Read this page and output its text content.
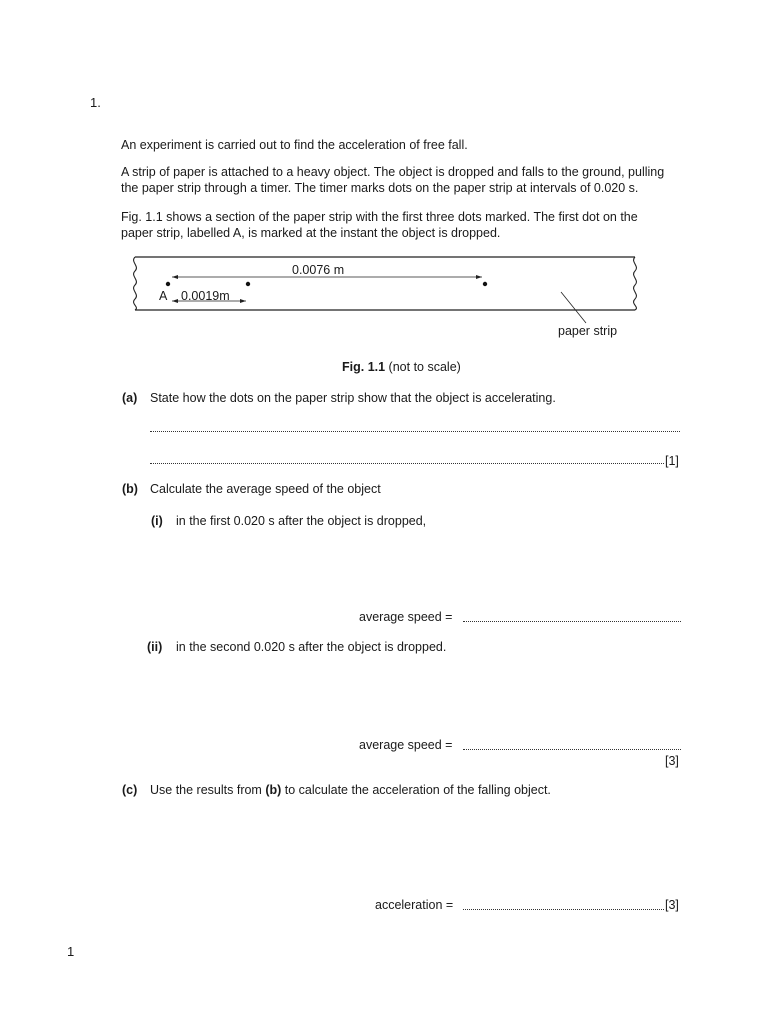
1.
An experiment is carried out to find the acceleration of free fall.
A strip of paper is attached to a heavy object. The object is dropped and falls to the ground, pulling
the paper strip through a timer. The timer marks dots on the paper strip at intervals of 0.020 s.
Fig. 1.1 shows a section of the paper strip with the first three dots marked. The first dot on the
paper strip, labelled A, is marked at the instant the object is dropped.
0.0076 m
A 0.0019m
paper strip
Fig. 1.1 (not to scale)
(a) State how the dots on the paper strip show that the object is accelerating.
[1]
(b) Calculate the average speed of the object
(i) in the first 0.020 s after the object is dropped,
average speed =
(ii) in the second 0.020 s after the object is dropped.
average speed =
[3]
(c) Use the results from (b) to calculate the acceleration of the falling object.
acceleration =	[3]
1
